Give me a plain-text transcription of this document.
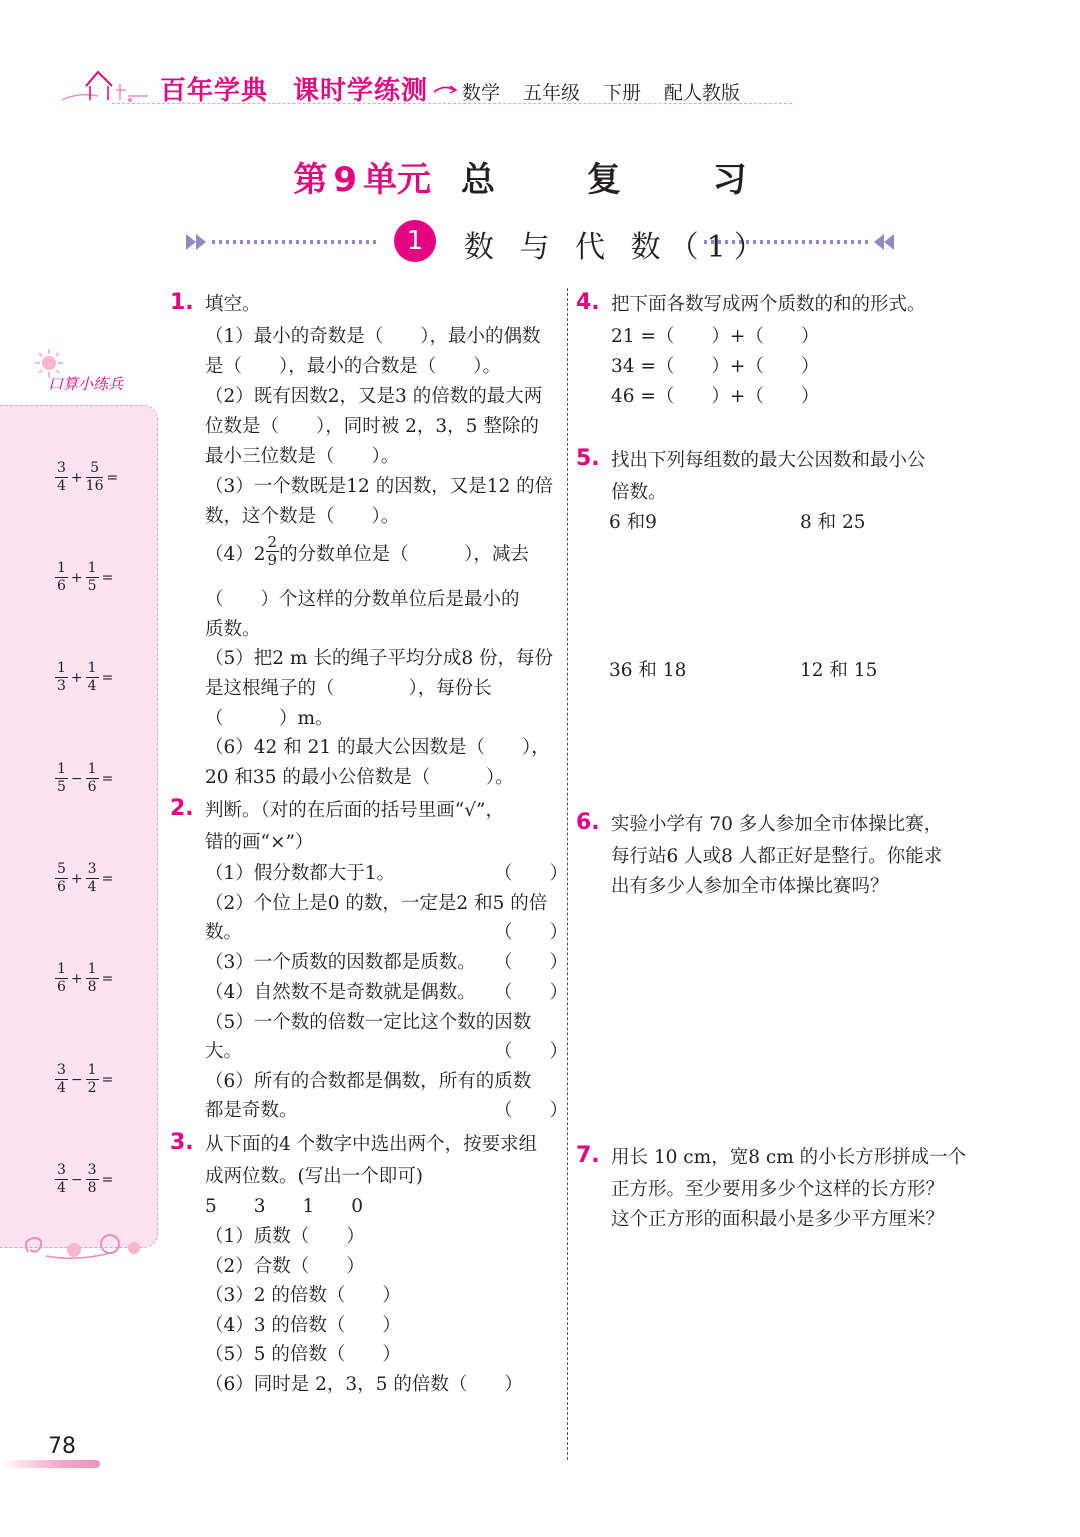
百年学典 课时学练测 数学 五年级 下册 配人教版
第 9 单元 总 复 习
1	数 与 代 数（1）
口算小练兵
$\frac{3}{4} + \frac{5}{16}$ =
$\frac{1}{6} + \frac{1}{5}$ =
$\frac{1}{3} + \frac{1}{4}$ =
$\frac{1}{5} - \frac{1}{6}$ =
$\frac{5}{6} + \frac{3}{4}$ =
$\frac{1}{6} + \frac{1}{8}$ =
$\frac{3}{4} - \frac{1}{2}$ =
$\frac{3}{4} - \frac{3}{8}$ =
78
1. 填空。
（1）最小的奇数是（　　），最小的偶数
是（　　），最小的合数是（　　）。
（2）既有因数2，又是3 的倍数的最大两
位数是（　　），同时被 2，3，5 整除的
最小三位数是（　　）。
（3）一个数既是12 的因数，又是12 的倍
数，这个数是（　　）。
$(4)2 \frac{2}{9}$ 的分数单位是（　　　），减去
（　　）个这样的分数单位后是最小的
质数。
（5）把2 m 长的绳子平均分成8 份，每份
是这根绳子的（　　　　），每份长
（　　　）m。
（6）42 和 21 的最大公因数是（　　），
20 和35 的最小公倍数是（　　　）。
2. 判断。（对的在后面的括号里画“√”，
错的画“×”）
（1）假分数都大于1。	（　　）
（2）个位上是0 的数，一定是2 和5 的倍
数。	（　　）
（3）一个质数的因数都是质数。 （　　）
（4）自然数不是奇数就是偶数。 （　　）
（5）一个数的倍数一定比这个数的因数
大。	（　　）
（6）所有的合数都是偶数，所有的质数
都是奇数。	（　　）
3. 从下面的4 个数字中选出两个，按要求组
成两位数。(写出一个即可)
5　　3　　1　　0
（1）质数（　　）
（2）合数（　　）
（3）2 的倍数（　　）
（4）3 的倍数（　　）
（5）5 的倍数（　　）
（6）同时是 2，3，5 的倍数（　　）
4. 把下面各数写成两个质数的和的形式。
21 =（　　）+（　　）
34 =（　　）+（　　）
46 =（　　）+（　　）
5. 找出下列每组数的最大公因数和最小公
倍数。
6 和9	8 和 25
36 和 18	12 和 15
6. 实验小学有 70 多人参加全市体操比赛，
每行站6 人或8 人都正好是整行。你能求
出有多少人参加全市体操比赛吗？
7. 用长 10 cm，宽8 cm 的小长方形拼成一个
正方形。至少要用多少个这样的长方形？
这个正方形的面积最小是多少平方厘米？
